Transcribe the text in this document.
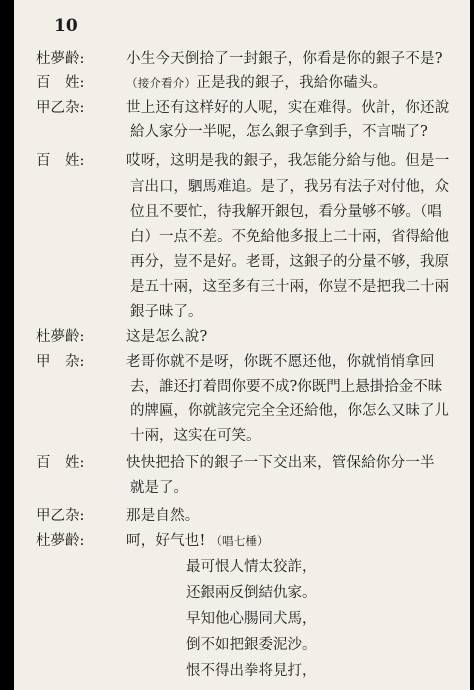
10
杜夢齡:	小生今天倒拾了一封銀子，你看是你的銀子不是?
百　姓:	（接介看介）正是我的銀子，我給你磕头。
甲乙杂:	世上还有这样好的人呢，实在难得。伙計，你还說
給人家分一半呢，怎么銀子拿到手，不言喘了?
百　姓:	哎呀，这明是我的銀子，我怎能分給与他。但是一
言出口，駟馬难追。是了，我另有法子对付他，众
位且不要忙，待我解开銀包，看分量够不够。（唱
白）一点不差。不免給他多报上二十兩，省得給他
再分，豈不是好。老哥，这銀子的分量不够，我原
是五十兩，这至多有三十兩，你豈不是把我二十兩
銀子昧了。
杜夢齡:	这是怎么說?
甲　杂:	老哥你就不是呀，你既不愿还他，你就悄悄拿回
去，誰还打着問你要不成?你既門上悬掛拾金不昧
的牌匾，你就該完完全全还給他，你怎么又昧了儿
十兩，这实在可笑。
百　姓:	快快把拾下的銀子一下交出来，管保給你分一半
就是了。
甲乙杂:	那是自然。
杜夢齡:	呵，好气也! （唱七棰）
最可恨人情太狡詐，
还銀兩反倒結仇家。
早知他心腸同犬馬，
倒不如把銀委泥沙。
恨不得出拳将見打，
